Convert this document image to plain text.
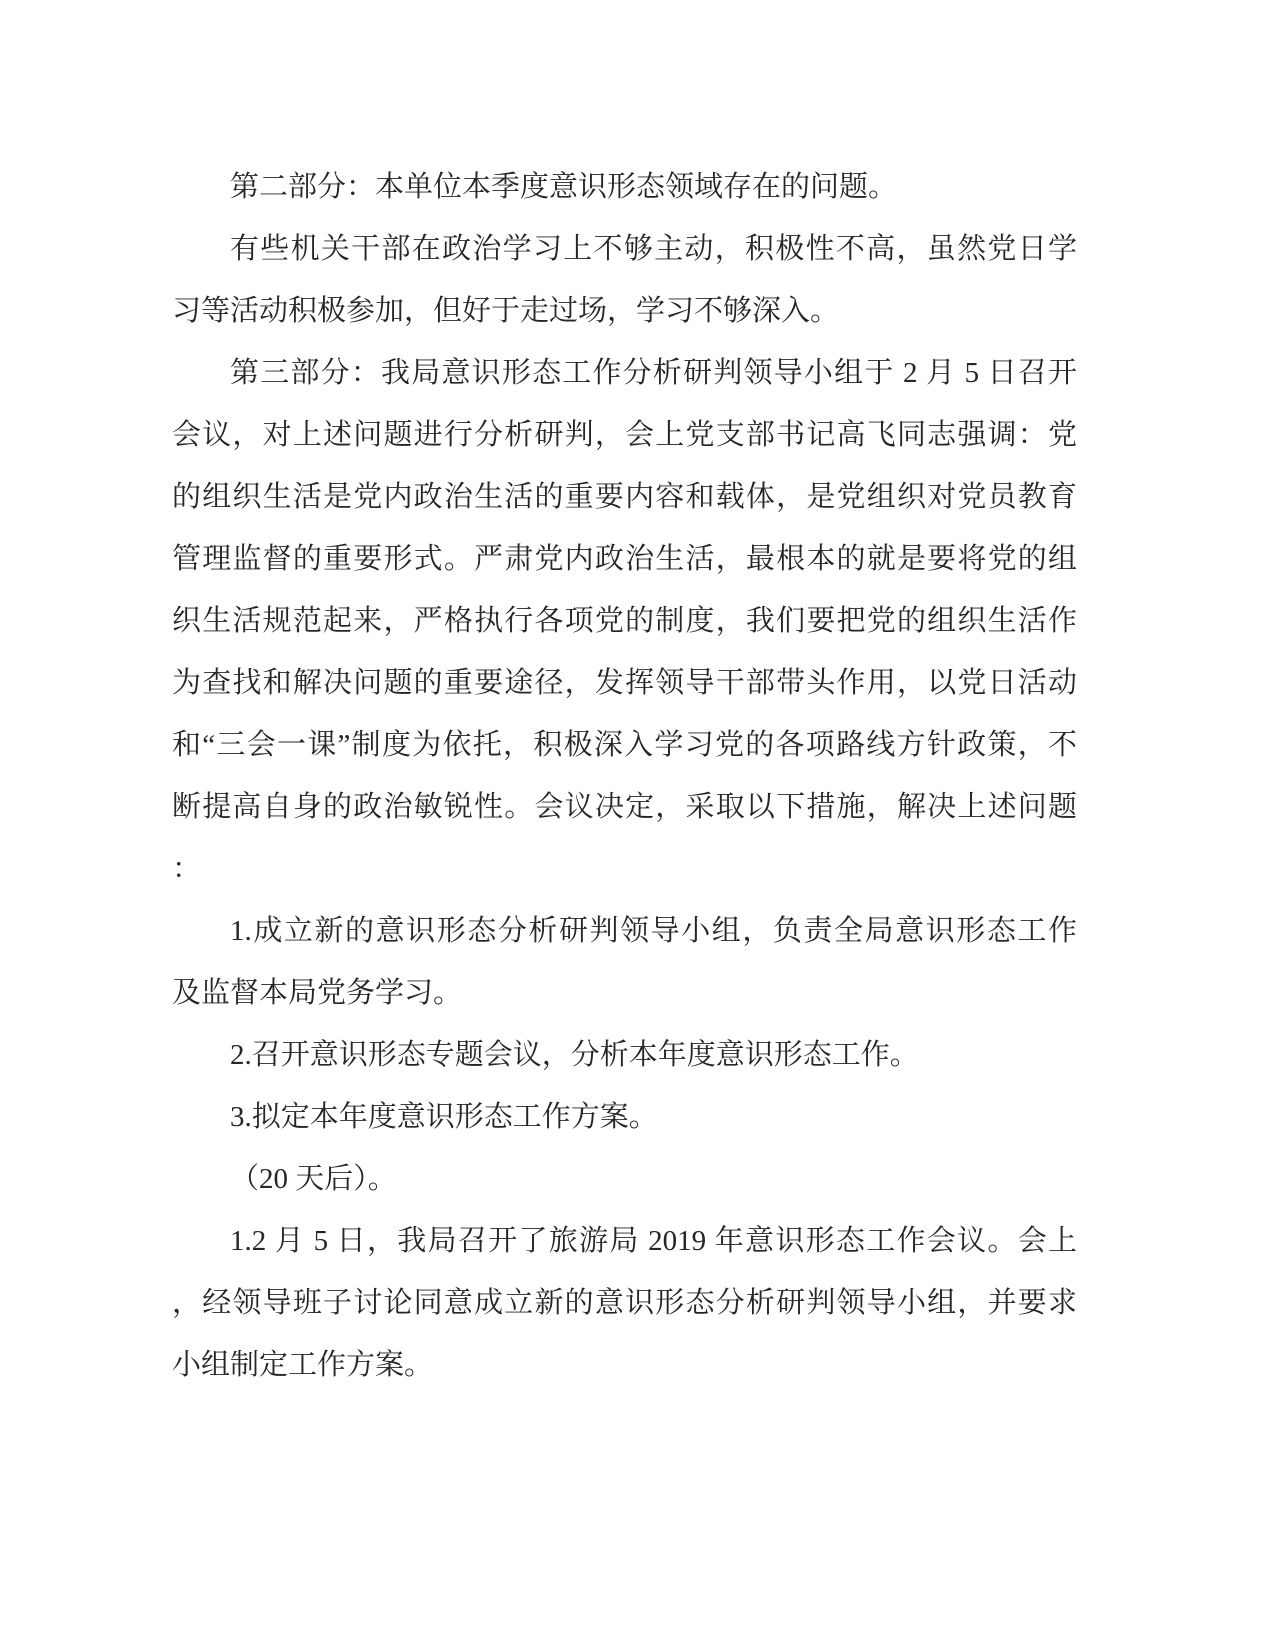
第二部分：本单位本季度意识形态领域存在的问题。
有些机关干部在政治学习上不够主动，积极性不高，虽然党日学
习等活动积极参加，但好于走过场，学习不够深入。
第三部分：我局意识形态工作分析研判领导小组于 2 月 5 日召开
会议，对上述问题进行分析研判，会上党支部书记高飞同志强调：党
的组织生活是党内政治生活的重要内容和载体，是党组织对党员教育
管理监督的重要形式。严肃党内政治生活，最根本的就是要将党的组
织生活规范起来，严格执行各项党的制度，我们要把党的组织生活作
为查找和解决问题的重要途径，发挥领导干部带头作用，以党日活动
和“三会一课”制度为依托，积极深入学习党的各项路线方针政策，不
断提高自身的政治敏锐性。会议决定，采取以下措施，解决上述问题
：
1.成立新的意识形态分析研判领导小组，负责全局意识形态工作
及监督本局党务学习。
2.召开意识形态专题会议，分析本年度意识形态工作。
3.拟定本年度意识形态工作方案。
（20 天后）。
1.2 月 5 日，我局召开了旅游局 2019 年意识形态工作会议。会上
，经领导班子讨论同意成立新的意识形态分析研判领导小组，并要求
小组制定工作方案。
